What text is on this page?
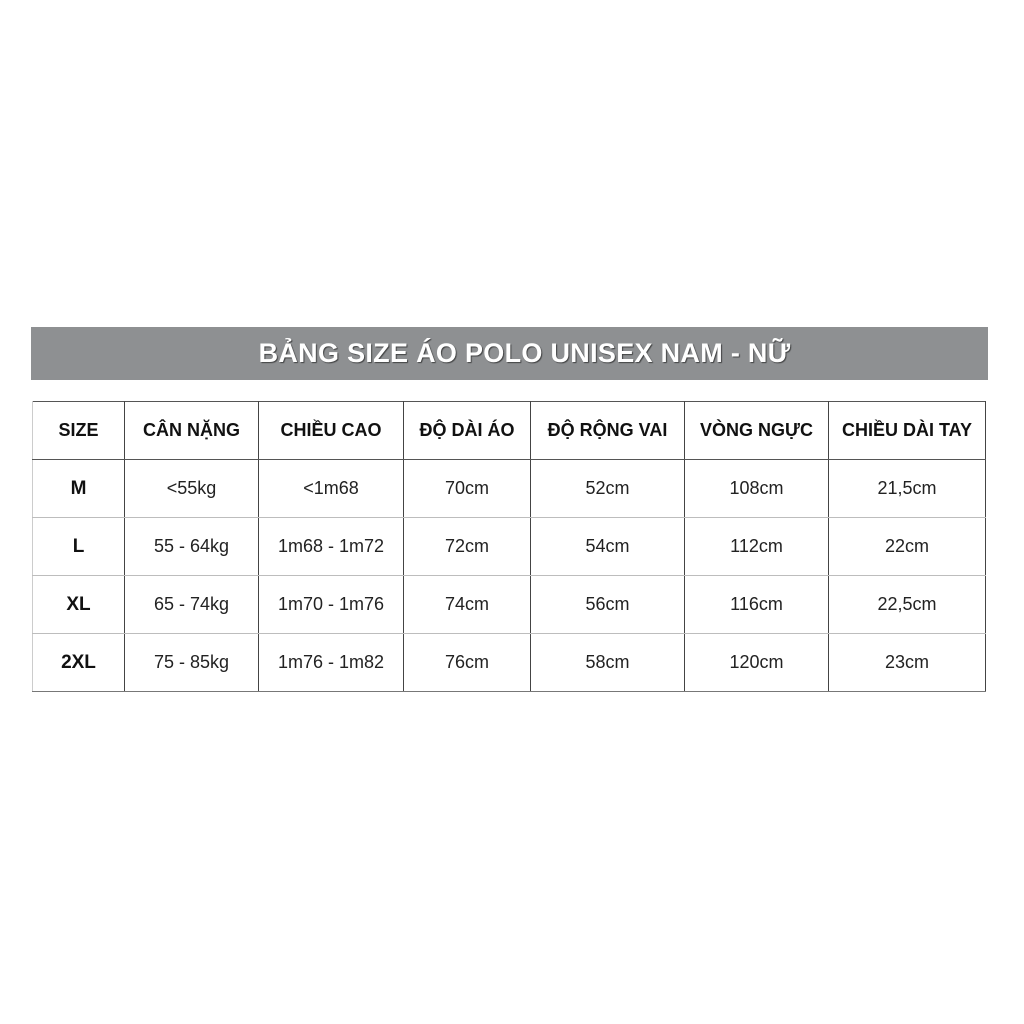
BẢNG SIZE ÁO POLO UNISEX NAM - NỮ
SIZE	CÂN NẶNG	CHIỀU CAO	ĐỘ DÀI ÁO	ĐỘ RỘNG VAI	VÒNG NGỰC	CHIỀU DÀI TAY
M	<55kg	<1m68	70cm	52cm	108cm	21,5cm
L	55 - 64kg	1m68 - 1m72	72cm	54cm	112cm	22cm
XL	65 - 74kg	1m70 - 1m76	74cm	56cm	116cm	22,5cm
2XL	75 - 85kg	1m76 - 1m82	76cm	58cm	120cm	23cm
